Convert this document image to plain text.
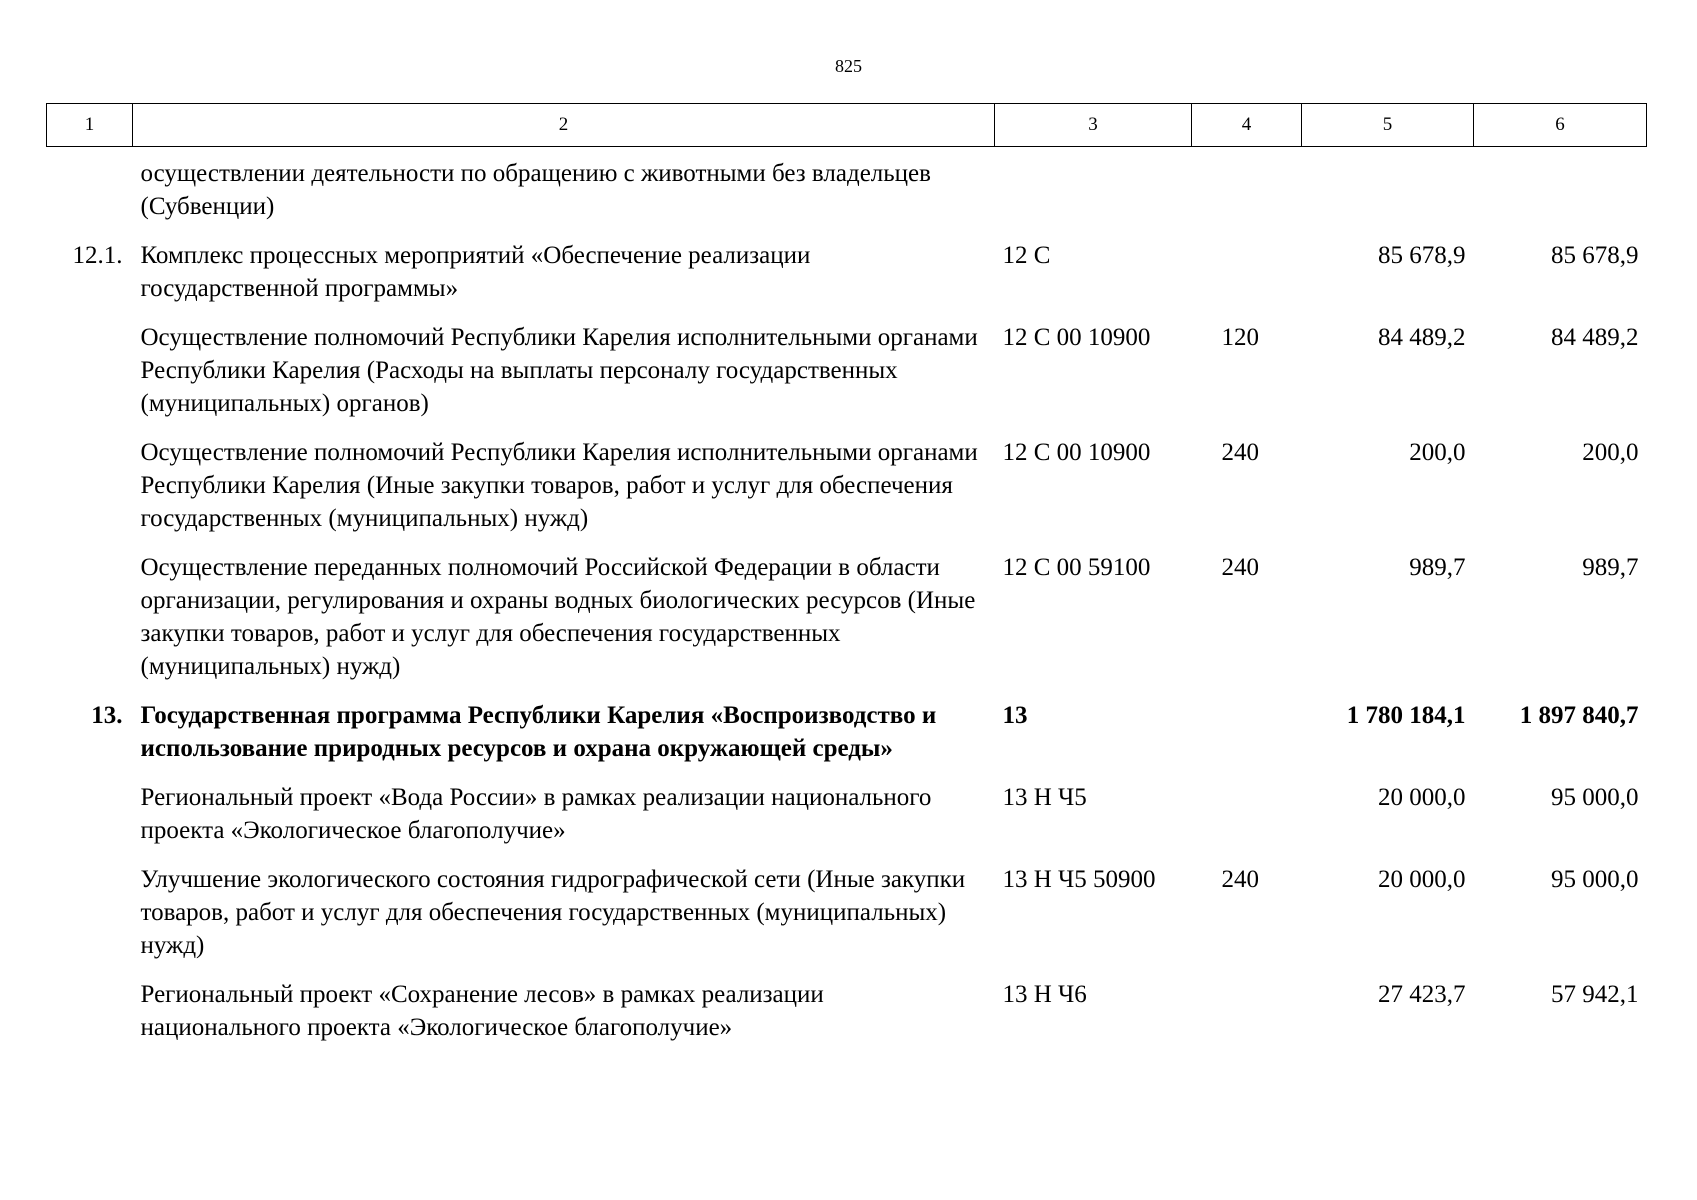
825
1	2	3	4	5	6
	осуществлении деятельности по обращению с животными без владельцев (Субвенции)				
12.1.	Комплекс процессных мероприятий «Обеспечение реализации государственной программы»	12 С		85 678,9	85 678,9
	Осуществление полномочий Республики Карелия исполнительными органами Республики Карелия (Расходы на выплаты персоналу государственных (муниципальных) органов)	12 С 00 10900	120	84 489,2	84 489,2
	Осуществление полномочий Республики Карелия исполнительными органами Республики Карелия (Иные закупки товаров, работ и услуг для обеспечения государственных (муниципальных) нужд)	12 С 00 10900	240	200,0	200,0
	Осуществление переданных полномочий Российской Федерации в области организации, регулирования и охраны водных биологических ресурсов (Иные закупки товаров, работ и услуг для обеспечения государственных (муниципальных) нужд)	12 С 00 59100	240	989,7	989,7
13.	Государственная программа Республики Карелия «Воспроизводство и использование природных ресурсов и охрана окружающей среды»	13		1 780 184,1	1 897 840,7
	Региональный проект «Вода России» в рамках реализации национального проекта «Экологическое благополучие»	13 Н Ч5		20 000,0	95 000,0
	Улучшение экологического состояния гидрографической сети (Иные закупки товаров, работ и услуг для обеспечения государственных (муниципальных) нужд)	13 Н Ч5 50900	240	20 000,0	95 000,0
	Региональный проект «Сохранение лесов» в рамках реализации национального проекта «Экологическое благополучие»	13 Н Ч6		27 423,7	57 942,1
